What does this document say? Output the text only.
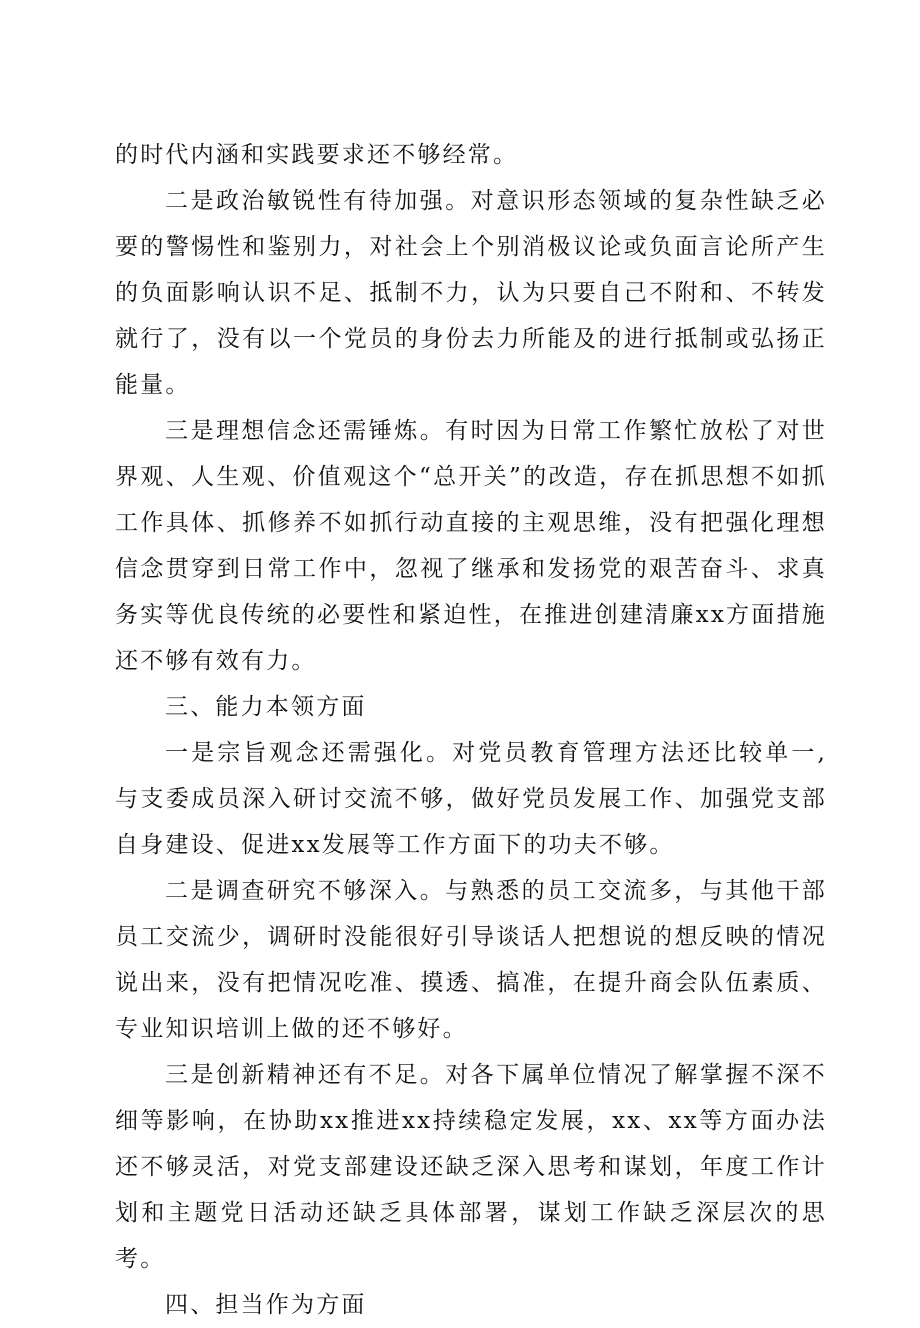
的时代内涵和实践要求还不够经常。

二是政治敏锐性有待加强。对意识形态领域的复杂性缺乏必要的警惕性和鉴别力，对社会上个别消极议论或负面言论所产生的负面影响认识不足、抵制不力，认为只要自己不附和、不转发就行了，没有以一个党员的身份去力所能及的进行抵制或弘扬正能量。

三是理想信念还需锤炼。有时因为日常工作繁忙放松了对世界观、人生观、价值观这个“总开关”的改造，存在抓思想不如抓工作具体、抓修养不如抓行动直接的主观思维，没有把强化理想信念贯穿到日常工作中，忽视了继承和发扬党的艰苦奋斗、求真务实等优良传统的必要性和紧迫性，在推进创建清廉xx方面措施还不够有效有力。

三、能力本领方面

一是宗旨观念还需强化。对党员教育管理方法还比较单一,与支委成员深入研讨交流不够，做好党员发展工作、加强党支部自身建设、促进xx发展等工作方面下的功夫不够。

二是调查研究不够深入。与熟悉的员工交流多，与其他干部员工交流少，调研时没能很好引导谈话人把想说的想反映的情况说出来，没有把情况吃准、摸透、搞准，在提升商会队伍素质、专业知识培训上做的还不够好。

三是创新精神还有不足。对各下属单位情况了解掌握不深不细等影响，在协助xx推进xx持续稳定发展，xx、xx等方面办法还不够灵活，对党支部建设还缺乏深入思考和谋划，年度工作计划和主题党日活动还缺乏具体部署，谋划工作缺乏深层次的思考。

四、担当作为方面
